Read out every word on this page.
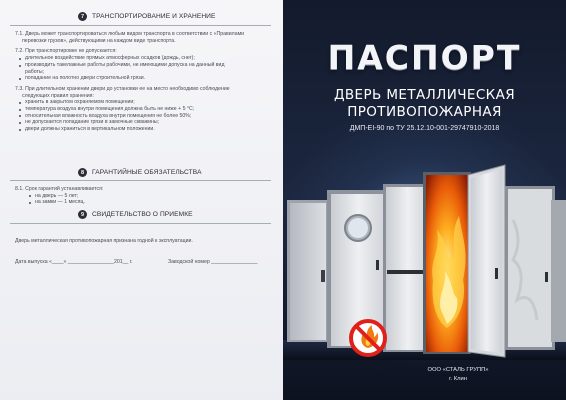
7	ТРАНСПОРТИРОВАНИЕ И ХРАНЕНИЕ
7.1. Дверь может транспортироваться любым видом транспорта в соответствии с «Правилами
перевозки грузов», действующими на каждом виде транспорта.
7.2. При транспортировке не допускается:
длительное воздействие прямых атмосферных осадков (дождь, снег);
производить такелажные работы рабочими, не имеющими допуска на данный вид
работы;
попадание на полотно двери строительной грязи.
7.3. При длительном хранении двери до установки ее на место необходимо соблюдение
следующих правил хранения:
хранить в закрытом охраняемом помещении;
температура воздуха внутри помещения должна быть не ниже + 5 °С;
относительная влажность воздуха внутри помещения не более 50%;
не допускается попадание грязи в замочные скважины;
двери должны храниться в вертикальном положении.
8	ГАРАНТИЙНЫЕ ОБЯЗАТЕЛЬСТВА
8.1. Срок гарантий устанавливается:
на дверь — 5 лет;
на замки — 1 месяц.
9	СВИДЕТЕЛЬСТВО О ПРИЕМКЕ
Дверь металлическая противопожарная признана годной к эксплуатации.
Дата выпуска «____» ________________201__ г.	Заводской номер ________________
ПАСПОРТ
ДВЕРЬ МЕТАЛЛИЧЕСКАЯ
ПРОТИВОПОЖАРНАЯ
ДМП-EI-90 по ТУ 25.12.10-001-29747910-2018
ООО «СТАЛЬ ГРУПП»
г. Клин
